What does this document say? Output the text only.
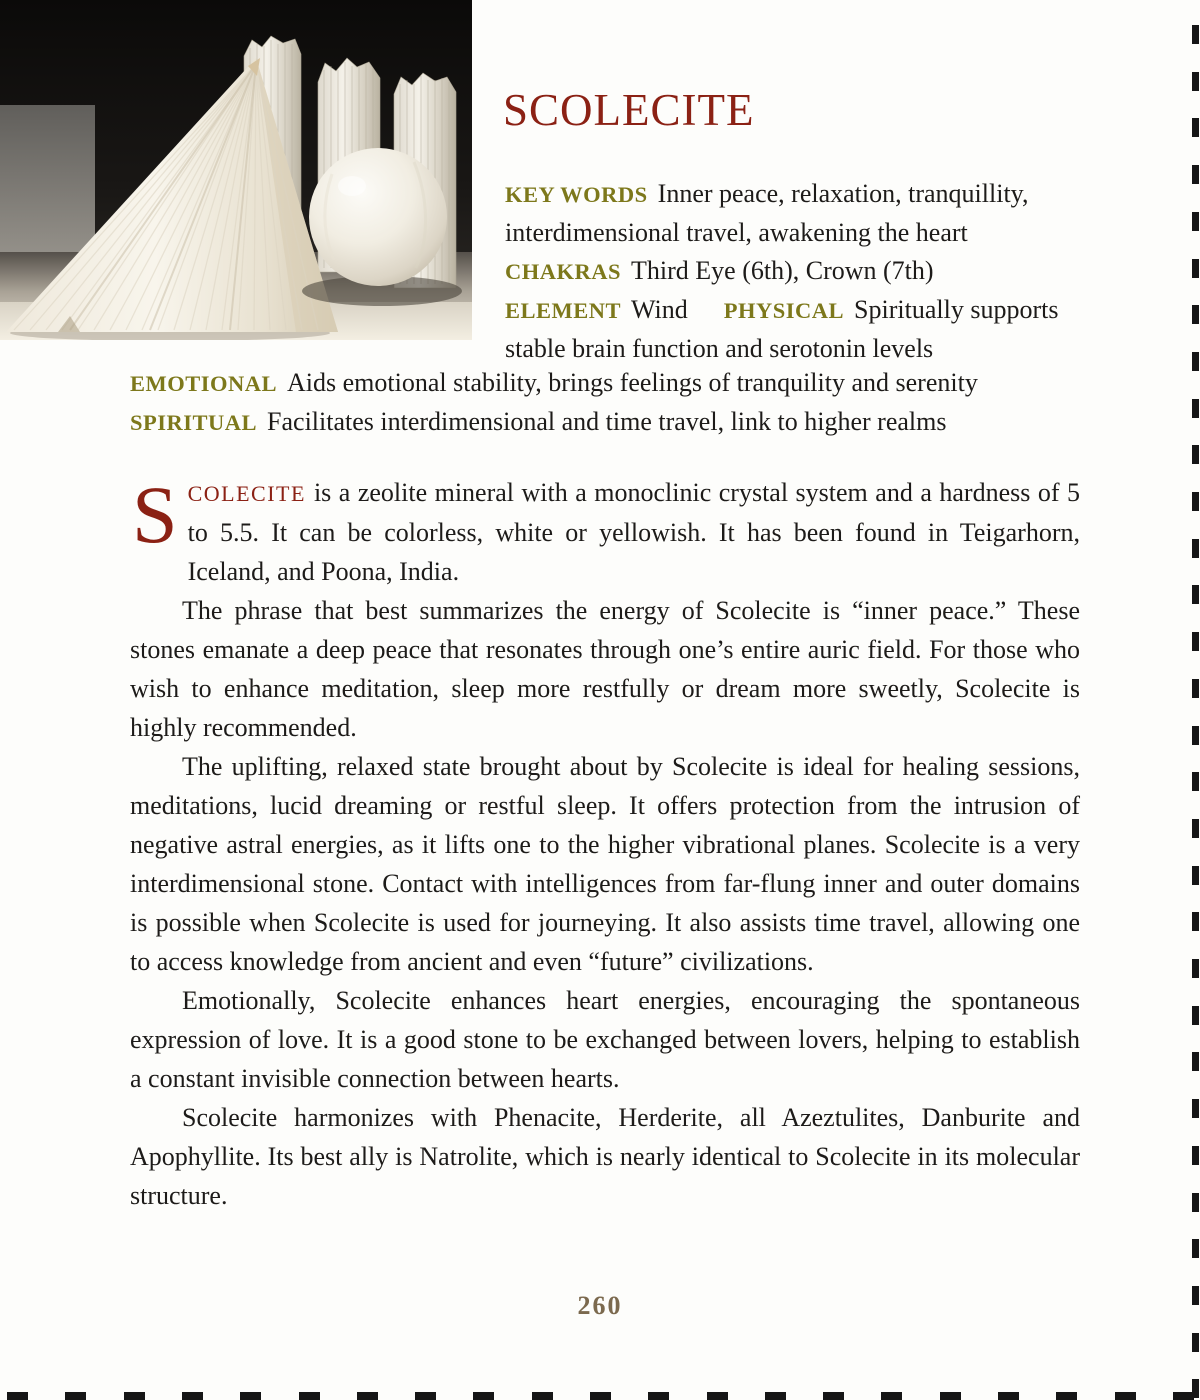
SCOLECITE
KEY WORDS Inner peace, relaxation, tranquillity, interdimensional travel, awakening the heart
CHAKRAS Third Eye (6th), Crown (7th)
ELEMENT Wind PHYSICAL Spiritually supports stable brain function and serotonin levels
EMOTIONAL Aids emotional stability, brings feelings of tranquility and serenity
SPIRITUAL Facilitates interdimensional and time travel, link to higher realms

SCOLECITE is a zeolite mineral with a monoclinic crystal system and a hardness of 5 to 5.5. It can be colorless, white or yellowish. It has been found in Teigarhorn, Iceland, and Poona, India.

The phrase that best summarizes the energy of Scolecite is “inner peace.” These stones emanate a deep peace that resonates through one’s entire auric field. For those who wish to enhance meditation, sleep more restfully or dream more sweetly, Scolecite is highly recommended.

The uplifting, relaxed state brought about by Scolecite is ideal for healing sessions, meditations, lucid dreaming or restful sleep. It offers protection from the intrusion of negative astral energies, as it lifts one to the higher vibrational planes. Scolecite is a very interdimensional stone. Contact with intelligences from far-flung inner and outer domains is possible when Scolecite is used for journeying. It also assists time travel, allowing one to access knowledge from ancient and even “future” civilizations.

Emotionally, Scolecite enhances heart energies, encouraging the spontaneous expression of love. It is a good stone to be exchanged between lovers, helping to establish a constant invisible connection between hearts.

Scolecite harmonizes with Phenacite, Herderite, all Azeztulites, Danburite and Apophyllite. Its best ally is Natrolite, which is nearly identical to Scolecite in its molecular structure.

260
